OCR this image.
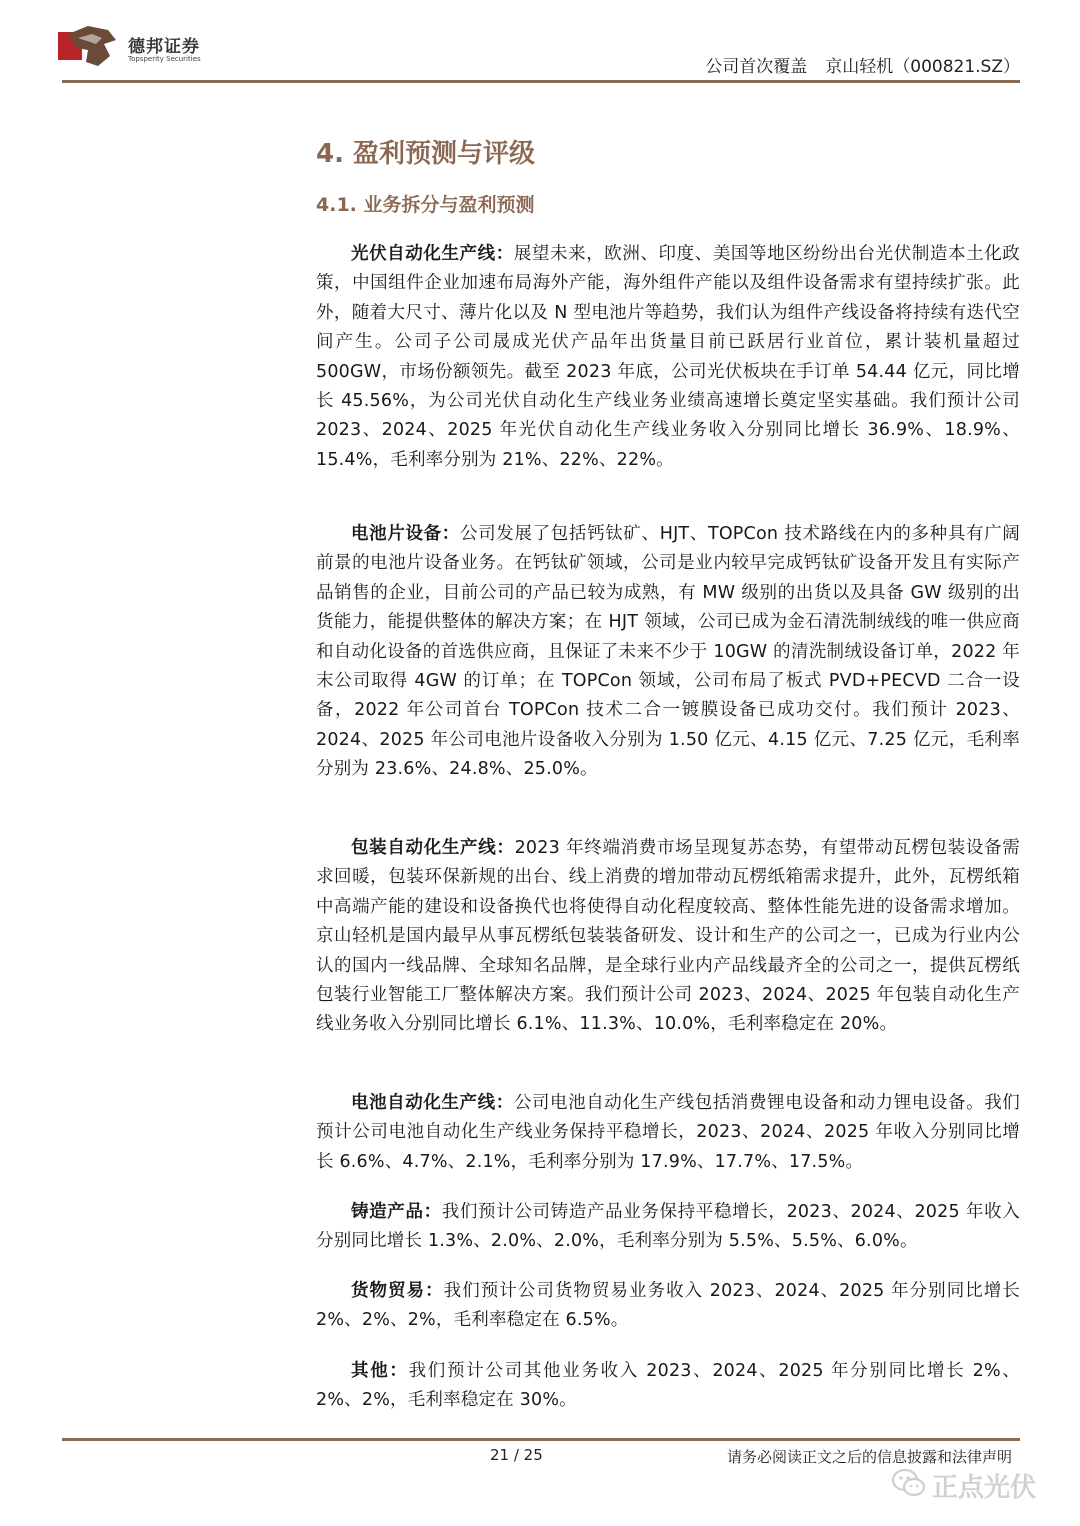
德邦证券
Topsperity Securities	公司首次覆盖 京山轻机（000821.SZ）
4. 盈利预测与评级
4.1. 业务拆分与盈利预测

光伏自动化生产线：展望未来，欧洲、印度、美国等地区纷纷出台光伏制造本土化政策，中国组件企业加速布局海外产能，海外组件产能以及组件设备需求有望持续扩张。此外，随着大尺寸、薄片化以及 N 型电池片等趋势，我们认为组件产线设备将持续有迭代空间产生。公司子公司晟成光伏产品年出货量目前已跃居行业首位，累计装机量超过 500GW，市场份额领先。截至 2023 年底，公司光伏板块在手订单 54.44 亿元，同比增长 45.56%，为公司光伏自动化生产线业务业绩高速增长奠定坚实基础。我们预计公司 2023、2024、2025 年光伏自动化生产线业务收入分别同比增长 36.9%、18.9%、15.4%，毛利率分别为 21%、22%、22%。

电池片设备：公司发展了包括钙钛矿、HJT、TOPCon 技术路线在内的多种具有广阔前景的电池片设备业务。在钙钛矿领域，公司是业内较早完成钙钛矿设备开发且有实际产品销售的企业，目前公司的产品已较为成熟，有 MW 级别的出货以及具备 GW 级别的出货能力，能提供整体的解决方案；在 HJT 领域，公司已成为金石清洗制绒线的唯一供应商和自动化设备的首选供应商，且保证了未来不少于 10GW 的清洗制绒设备订单，2022 年末公司取得 4GW 的订单；在 TOPCon 领域，公司布局了板式 PVD+PECVD 二合一设备，2022 年公司首台 TOPCon 技术二合一镀膜设备已成功交付。我们预计 2023、2024、2025 年公司电池片设备收入分别为 1.50 亿元、4.15 亿元、7.25 亿元，毛利率分别为 23.6%、24.8%、25.0%。

包装自动化生产线：2023 年终端消费市场呈现复苏态势，有望带动瓦楞包装设备需求回暖，包装环保新规的出台、线上消费的增加带动瓦楞纸箱需求提升，此外，瓦楞纸箱中高端产能的建设和设备换代也将使得自动化程度较高、整体性能先进的设备需求增加。京山轻机是国内最早从事瓦楞纸包装装备研发、设计和生产的公司之一，已成为行业内公认的国内一线品牌、全球知名品牌，是全球行业内产品线最齐全的公司之一，提供瓦楞纸包装行业智能工厂整体解决方案。我们预计公司 2023、2024、2025 年包装自动化生产线业务收入分别同比增长 6.1%、11.3%、10.0%，毛利率稳定在 20%。

电池自动化生产线：公司电池自动化生产线包括消费锂电设备和动力锂电设备。我们预计公司电池自动化生产线业务保持平稳增长，2023、2024、2025 年收入分别同比增长 6.6%、4.7%、2.1%，毛利率分别为 17.9%、17.7%、17.5%。

铸造产品：我们预计公司铸造产品业务保持平稳增长，2023、2024、2025 年收入分别同比增长 1.3%、2.0%、2.0%，毛利率分别为 5.5%、5.5%、6.0%。

货物贸易：我们预计公司货物贸易业务收入 2023、2024、2025 年分别同比增长 2%、2%、2%，毛利率稳定在 6.5%。

其他：我们预计公司其他业务收入 2023、2024、2025 年分别同比增长 2%、2%、2%，毛利率稳定在 30%。

21 / 25	请务必阅读正文之后的信息披露和法律声明
正点光伏
